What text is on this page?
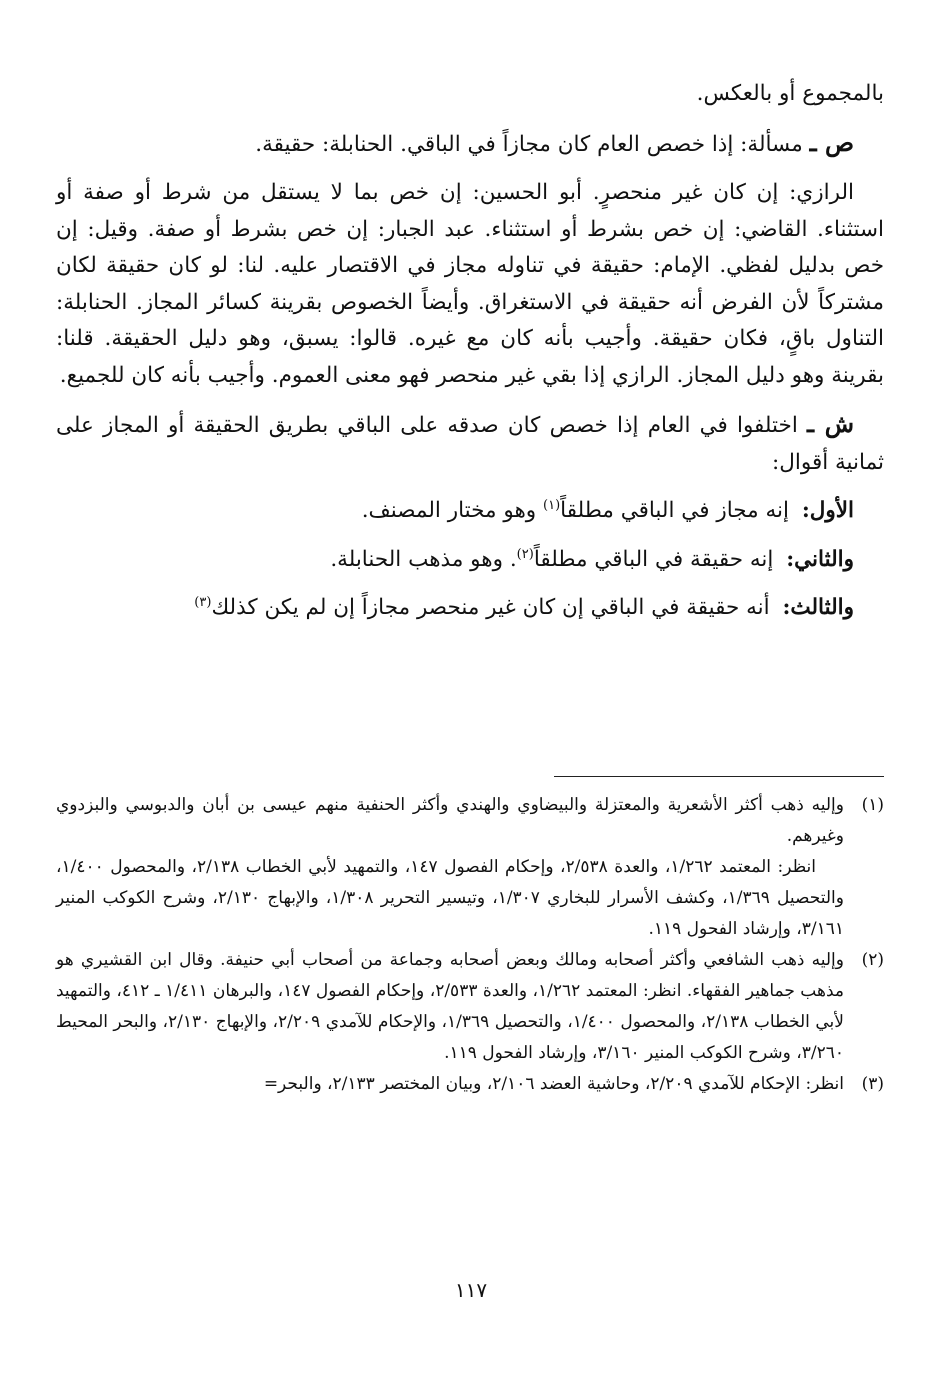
بالمجموع أو بالعكس.

ص ـ مسألة: إذا خصص العام كان مجازاً في الباقي. الحنابلة: حقيقة.

الرازي: إن كان غير منحصرٍ. أبو الحسين: إن خص بما لا يستقل من شرط أو صفة أو استثناء. القاضي: إن خص بشرط أو استثناء. عبد الجبار: إن خص بشرط أو صفة. وقيل: إن خص بدليل لفظي. الإمام: حقيقة في تناوله مجاز في الاقتصار عليه. لنا: لو كان حقيقة لكان مشتركاً لأن الفرض أنه حقيقة في الاستغراق. وأيضاً الخصوص بقرينة كسائر المجاز. الحنابلة: التناول باقٍ، فكان حقيقة. وأجيب بأنه كان مع غيره. قالوا: يسبق، وهو دليل الحقيقة. قلنا: بقرينة وهو دليل المجاز. الرازي إذا بقي غير منحصر فهو معنى العموم. وأجيب بأنه كان للجميع.

ش ـ اختلفوا في العام إذا خصص كان صدقه على الباقي بطريق الحقيقة أو المجاز على ثمانية أقوال:

الأول: إنه مجاز في الباقي مطلقاً$^{(١)}$ وهو مختار المصنف.

والثاني: إنه حقيقة في الباقي مطلقاً$^{(٢)}$. وهو مذهب الحنابلة.

والثالث: أنه حقيقة في الباقي إن كان غير منحصر مجازاً إن لم يكن كذلك$^{(٣)}$

(١)
وإليه ذهب أكثر الأشعرية والمعتزلة والبيضاوي والهندي وأكثر الحنفية منهم عيسى بن أبان والدبوسي والبزدوي وغيرهم.
انظر: المعتمد ١/٢٦٢، والعدة ٢/٥٣٨، وإحكام الفصول ١٤٧، والتمهيد لأبي الخطاب ٢/١٣٨، والمحصول ١/٤٠٠، والتحصيل ١/٣٦٩، وكشف الأسرار للبخاري ١/٣٠٧، وتيسير التحرير ١/٣٠٨، والإبهاج ٢/١٣٠، وشرح الكوكب المنير ٣/١٦١، وإرشاد الفحول ١١٩.
(٢)
وإليه ذهب الشافعي وأكثر أصحابه ومالك وبعض أصحابه وجماعة من أصحاب أبي حنيفة. وقال ابن القشيري هو مذهب جماهير الفقهاء. انظر: المعتمد ١/٢٦٢، والعدة ٢/٥٣٣، وإحكام الفصول ١٤٧، والبرهان ١/٤١١ ـ ٤١٢، والتمهيد لأبي الخطاب ٢/١٣٨، والمحصول ١/٤٠٠، والتحصيل ١/٣٦٩، والإحكام للآمدي ٢/٢٠٩، والإبهاج ٢/١٣٠، والبحر المحيط ٣/٢٦٠، وشرح الكوكب المنير ٣/١٦٠، وإرشاد الفحول ١١٩.
(٣)
انظر: الإحكام للآمدي ٢/٢٠٩، وحاشية العضد ٢/١٠٦، وبيان المختصر ٢/١٣٣، والبحر=
١١٧
